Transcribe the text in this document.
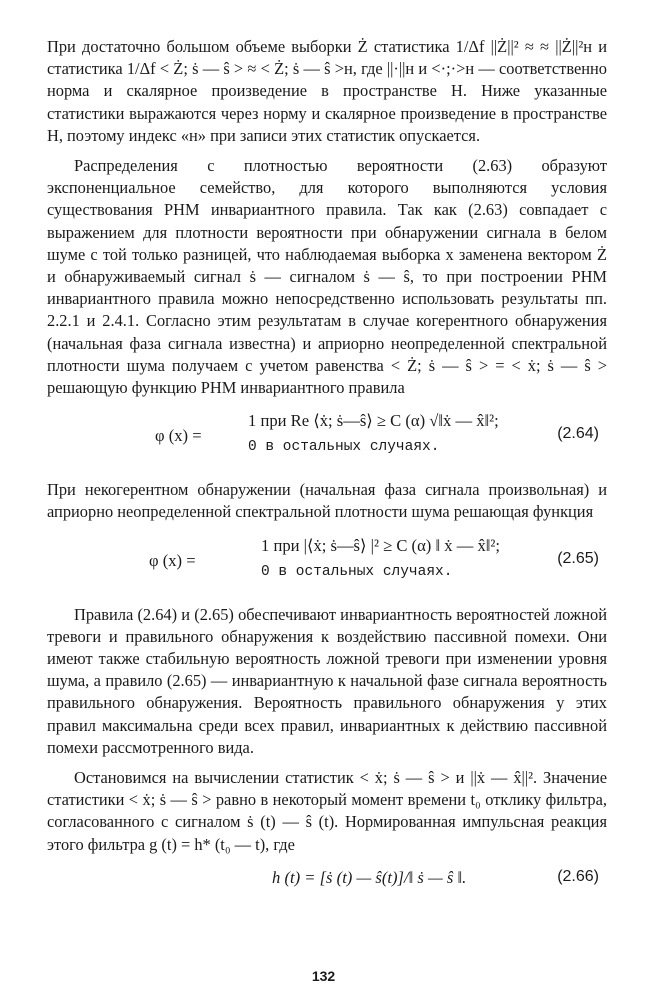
При достаточно большом объеме выборки Ż статистика 1/Δf ||Ż||² ≈ ≈ ||Ż||²н и статистика 1/Δf < Ż; ṡ — ŝ > ≈ < Ż; ṡ — ŝ >н, где ||·||н и <·;·>н — соответственно норма и скалярное произведение в пространстве H. Ниже указанные статистики выражаются через норму и скалярное произведение в пространстве H, поэтому индекс «н» при записи этих статистик опускается.

Распределения с плотностью вероятности (2.63) образуют экспоненциальное семейство, для которого выполняются условия существования РНМ инвариантного правила. Так как (2.63) совпадает с выражением для плотности вероятности при обнаружении сигнала в белом шуме с той только разницей, что наблюдаемая выборка x заменена вектором Ż и обнаруживаемый сигнал ṡ — сигналом ṡ — ŝ, то при построении РНМ инвариантного правила можно непосредственно использовать результаты пп. 2.2.1 и 2.4.1. Согласно этим результатам в случае когерентного обнаружения (начальная фаза сигнала известна) и априорно неопределенной спектральной плотности шума получаем с учетом равенства < Ż; ṡ — ŝ > = < ẋ; ṡ — ŝ > решающую функцию РНМ инвариантного правила

φ (x) =
1 при Re ⟨ẋ; ṡ—ŝ⟩ ≥ C (α) √‖ẋ — x̂‖²;
0 в остальных случаях.
(2.64)

При некогерентном обнаружении (начальная фаза сигнала произвольная) и априорно неопределенной спектральной плотности шума решающая функция

φ (x) =
1 при |⟨ẋ; ṡ—ŝ⟩ |² ≥ C (α) ‖ ẋ — x̂‖²;
0 в остальных случаях.
(2.65)

Правила (2.64) и (2.65) обеспечивают инвариантность вероятностей ложной тревоги и правильного обнаружения к воздействию пассивной помехи. Они имеют также стабильную вероятность ложной тревоги при изменении уровня шума, а правило (2.65) — инвариантную к начальной фазе сигнала вероятность правильного обнаружения. Вероятность правильного обнаружения у этих правил максимальна среди всех правил, инвариантных к действию пассивной помехи рассмотренного вида.

Остановимся на вычислении статистик < ẋ; ṡ — ŝ > и ||ẋ — x̂||². Значение статистики < ẋ; ṡ — ŝ > равно в некоторый момент времени t₀ отклику фильтра, согласованного с сигналом ṡ (t) — ŝ (t). Нормированная импульсная реакция этого фильтра g (t) = h* (t₀ — t), где

h (t) = [ṡ (t) — ŝ(t)]/‖ ṡ — ŝ ‖.	(2.66)
132
